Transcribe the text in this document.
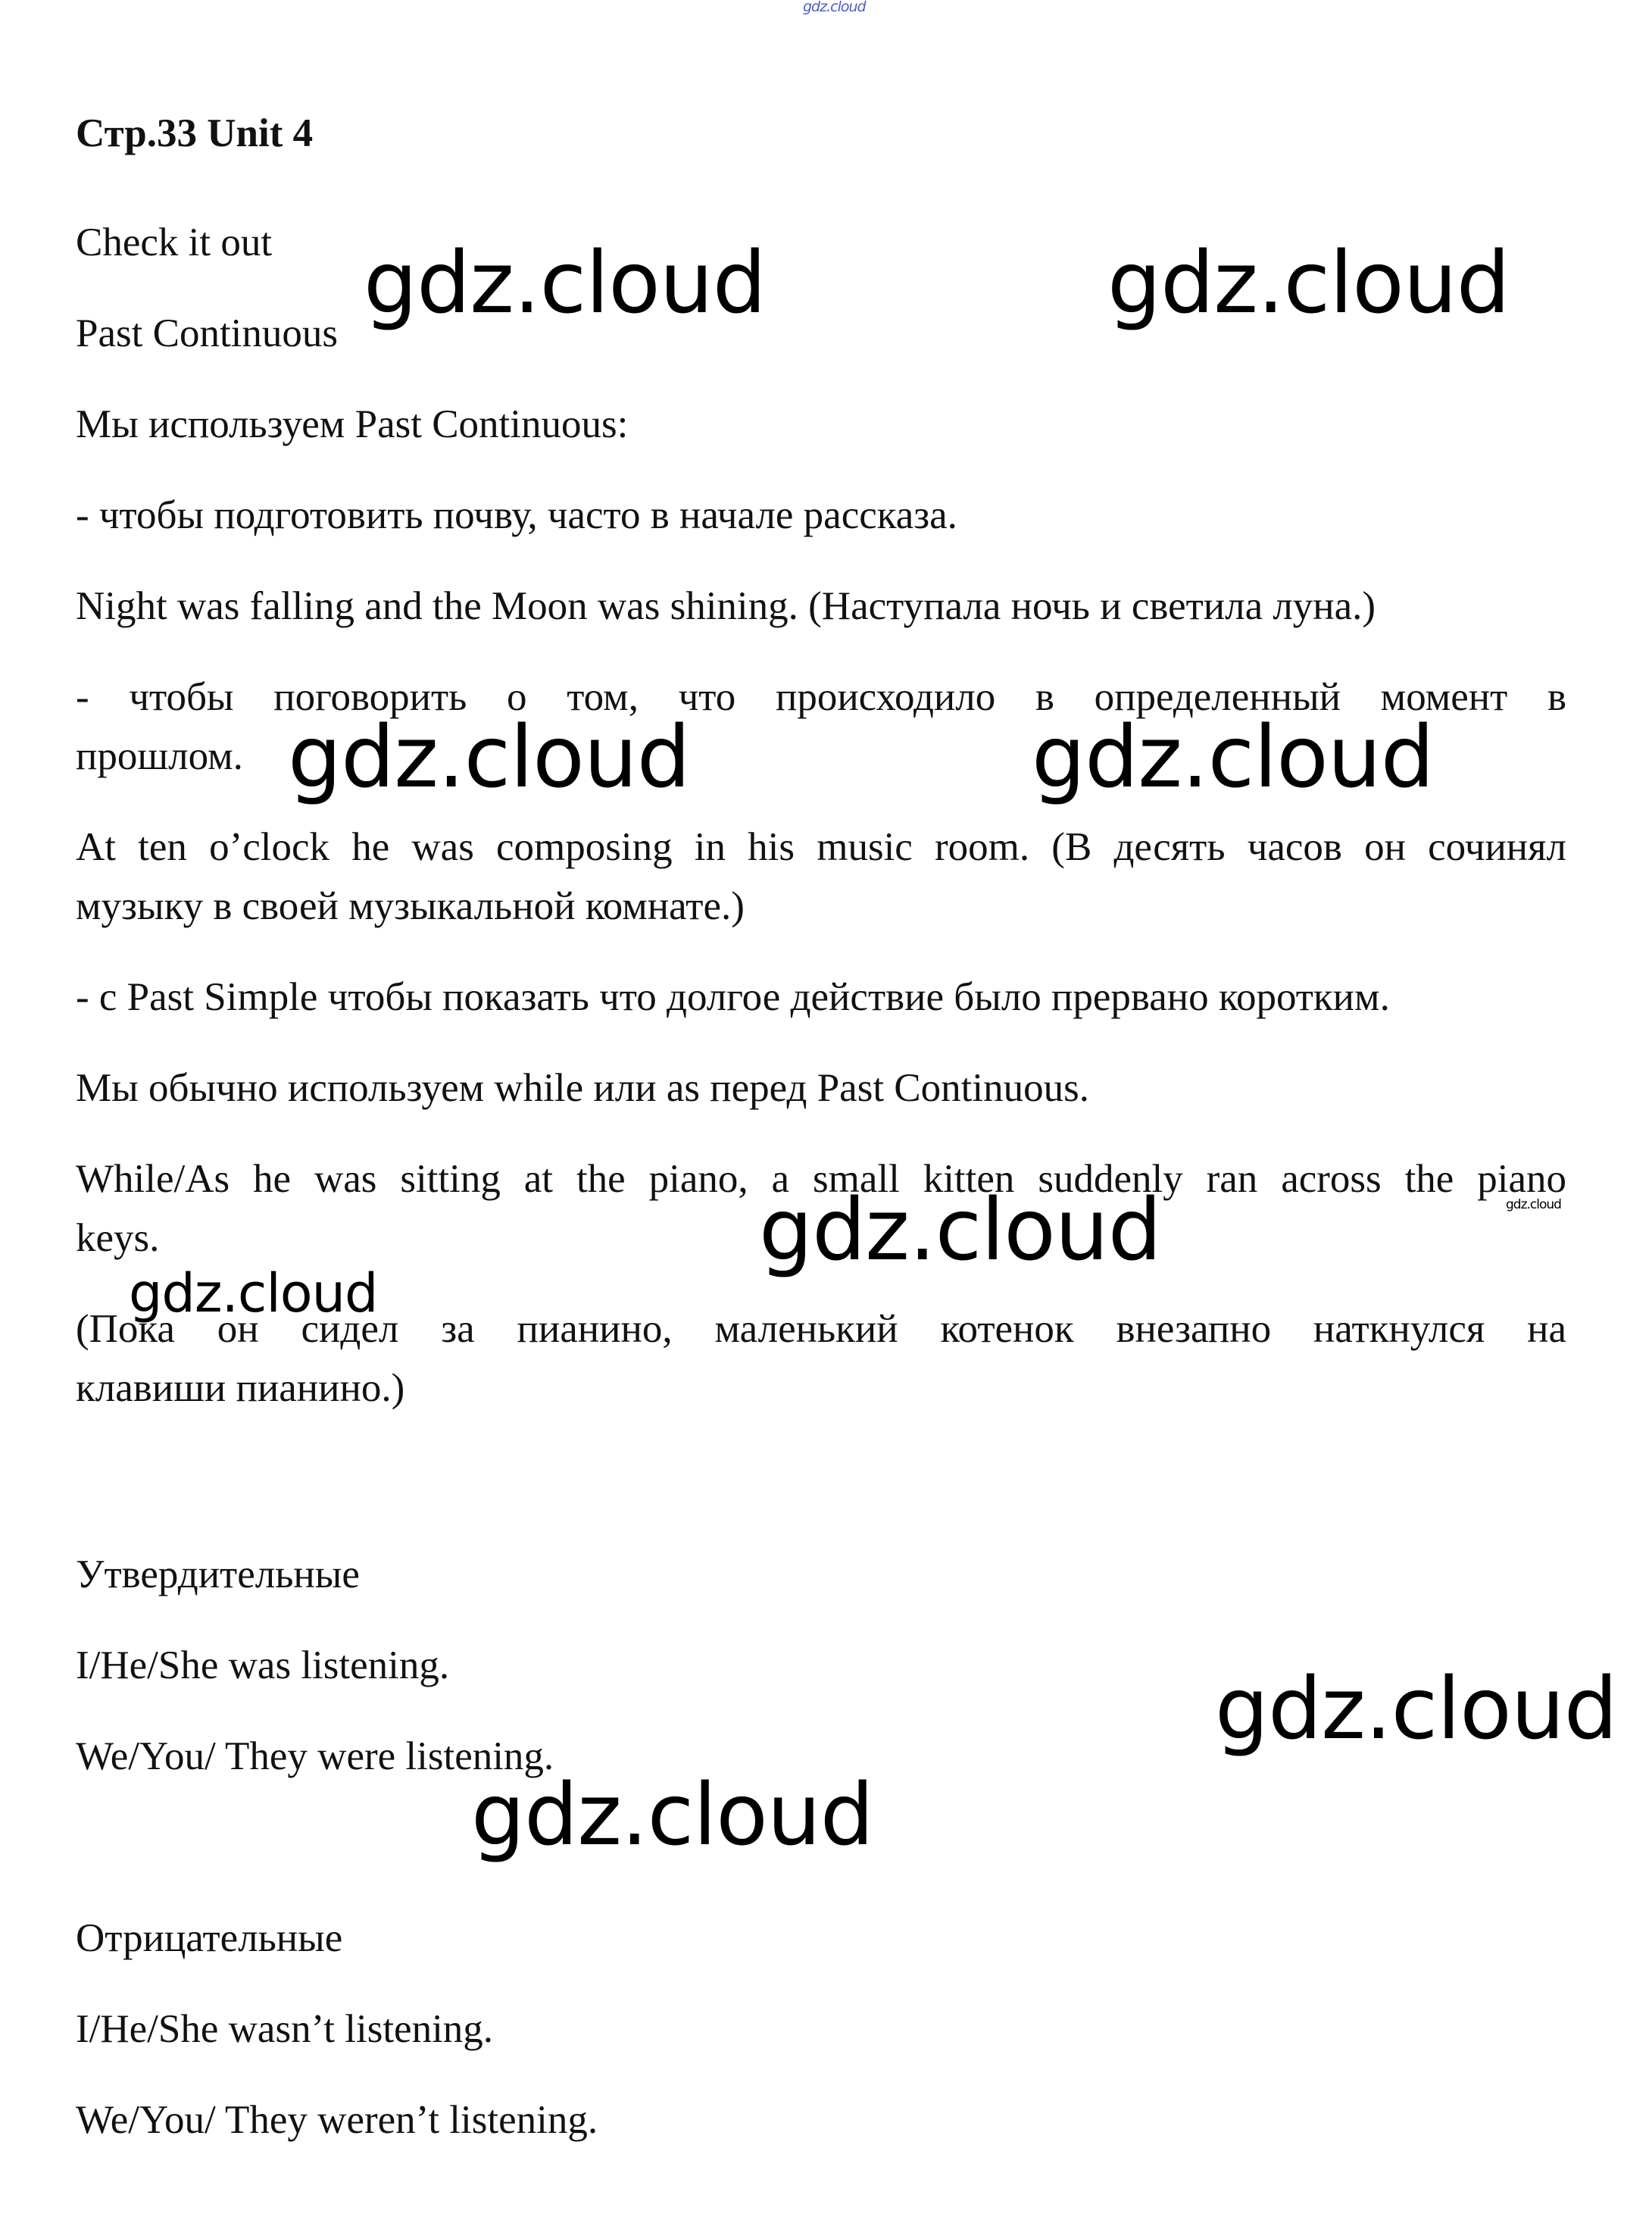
gdz.cloud
Стр.33 Unit 4
Check it out
Past Continuous
Мы используем Past Continuous:
- чтобы подготовить почву, часто в начале рассказа.
Night was falling and the Moon was shining. (Наступала ночь и светила луна.)
- чтобы поговорить о том, что происходило в определенный момент в
прошлом.
At ten o’clock he was composing in his music room. (В десять часов он сочинял
музыку в своей музыкальной комнате.)
- с Past Simple чтобы показать что долгое действие было прервано коротким.
Мы обычно используем while или as перед Past Continuous.
While/As he was sitting at the piano, a small kitten suddenly ran across the piano
keys.
(Пока он сидел за пианино, маленький котенок внезапно наткнулся на
клавиши пианино.)
Утвердительные
I/He/She was listening.
We/You/ They were listening.
Отрицательные
I/He/She wasn’t listening.
We/You/ They weren’t listening.
gdz.cloud	gdz.cloud
gdz.cloud	gdz.cloud
gdz.cloud	gdz.cloud
gdz.cloud
gdz.cloud
gdz.cloud
